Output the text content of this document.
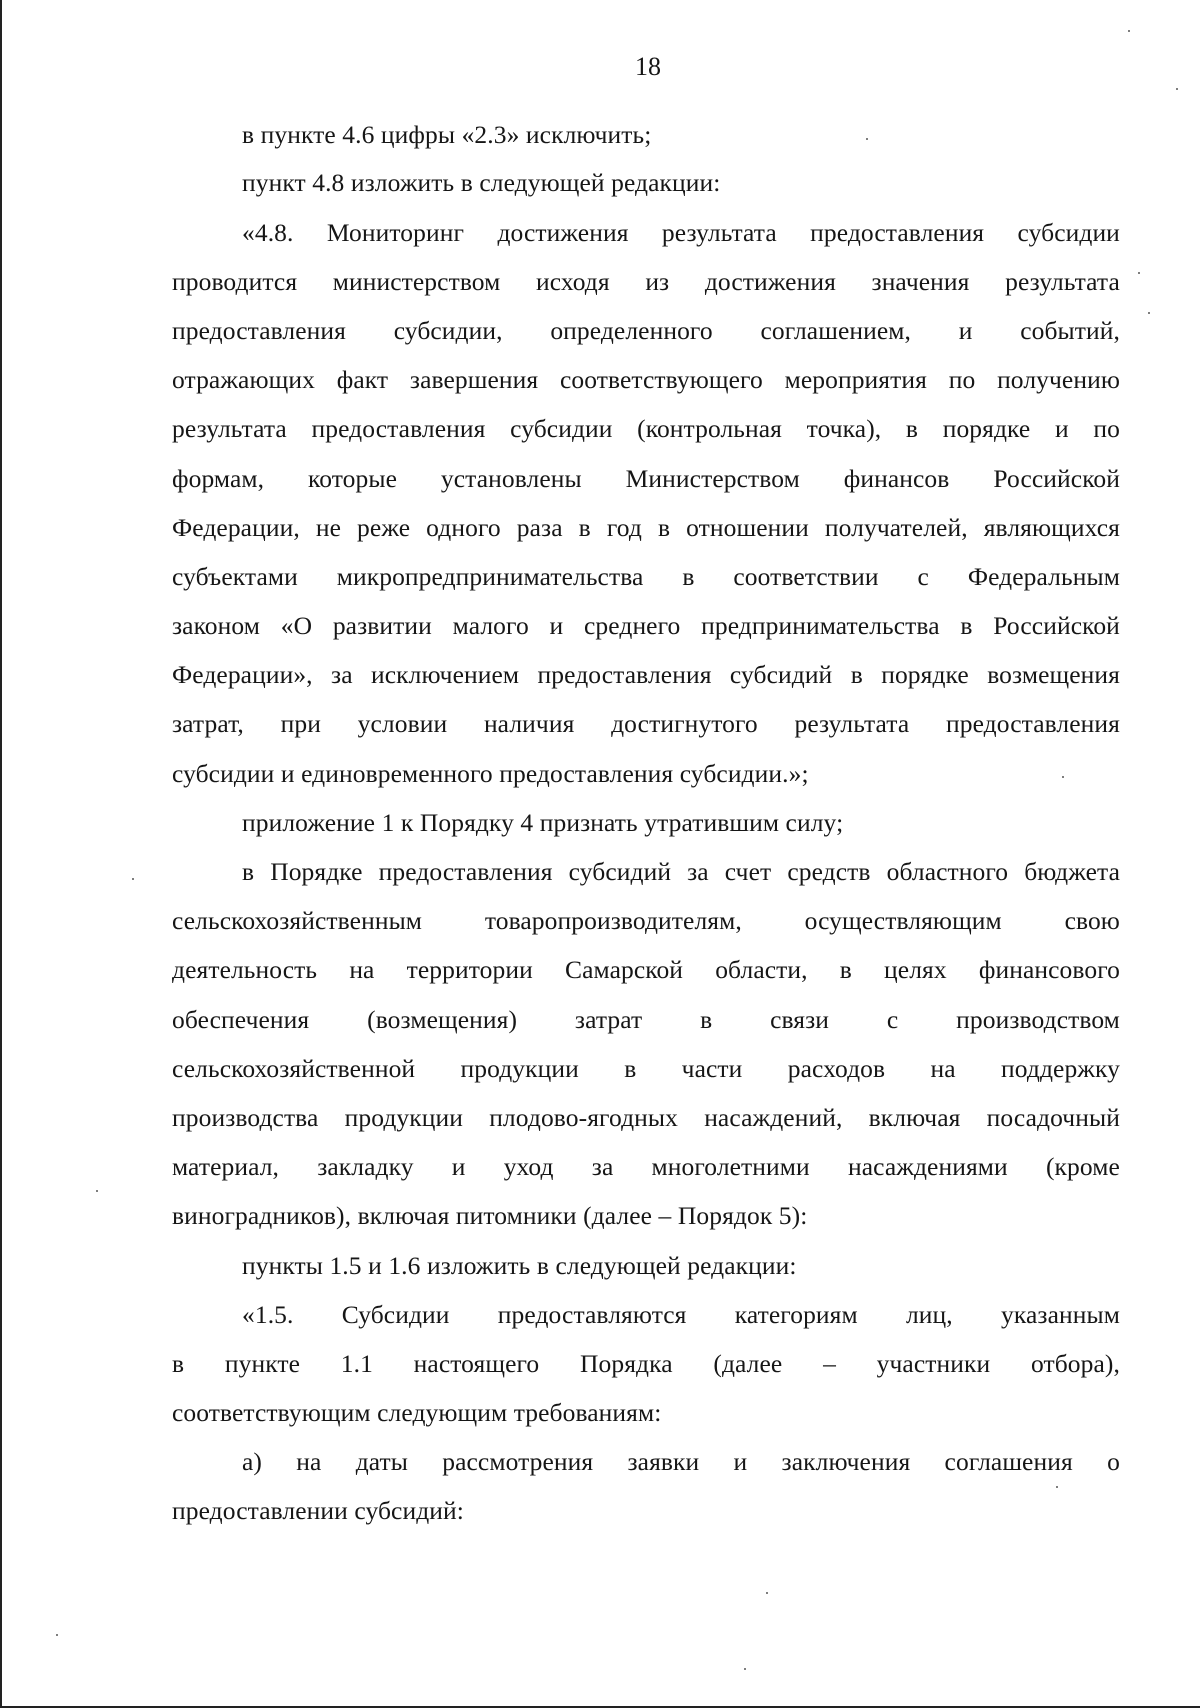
18
в пункте 4.6 цифры «2.3» исключить;
пункт 4.8 изложить в следующей редакции:
«4.8. Мониторинг достижения результата предоставления субсидии
проводится министерством исходя из достижения значения результата
предоставления субсидии, определенного соглашением, и событий,
отражающих факт завершения соответствующего мероприятия по получению
результата предоставления субсидии (контрольная точка), в порядке и по
формам, которые установлены Министерством финансов Российской
Федерации, не реже одного раза в год в отношении получателей, являющихся
субъектами микропредпринимательства в соответствии с Федеральным
законом «О развитии малого и среднего предпринимательства в Российской
Федерации», за исключением предоставления субсидий в порядке возмещения
затрат, при условии наличия достигнутого результата предоставления
субсидии и единовременного предоставления субсидии.»;
приложение 1 к Порядку 4 признать утратившим силу;
в Порядке предоставления субсидий за счет средств областного бюджета
сельскохозяйственным товаропроизводителям, осуществляющим свою
деятельность на территории Самарской области, в целях финансового
обеспечения (возмещения) затрат в связи с производством
сельскохозяйственной продукции в части расходов на поддержку
производства продукции плодово-ягодных насаждений, включая посадочный
материал, закладку и уход за многолетними насаждениями (кроме
виноградников), включая питомники (далее – Порядок 5):
пункты 1.5 и 1.6 изложить в следующей редакции:
«1.5. Субсидии предоставляются категориям лиц, указанным
в пункте 1.1 настоящего Порядка (далее – участники отбора),
соответствующим следующим требованиям:
а) на даты рассмотрения заявки и заключения соглашения о
предоставлении субсидий:
